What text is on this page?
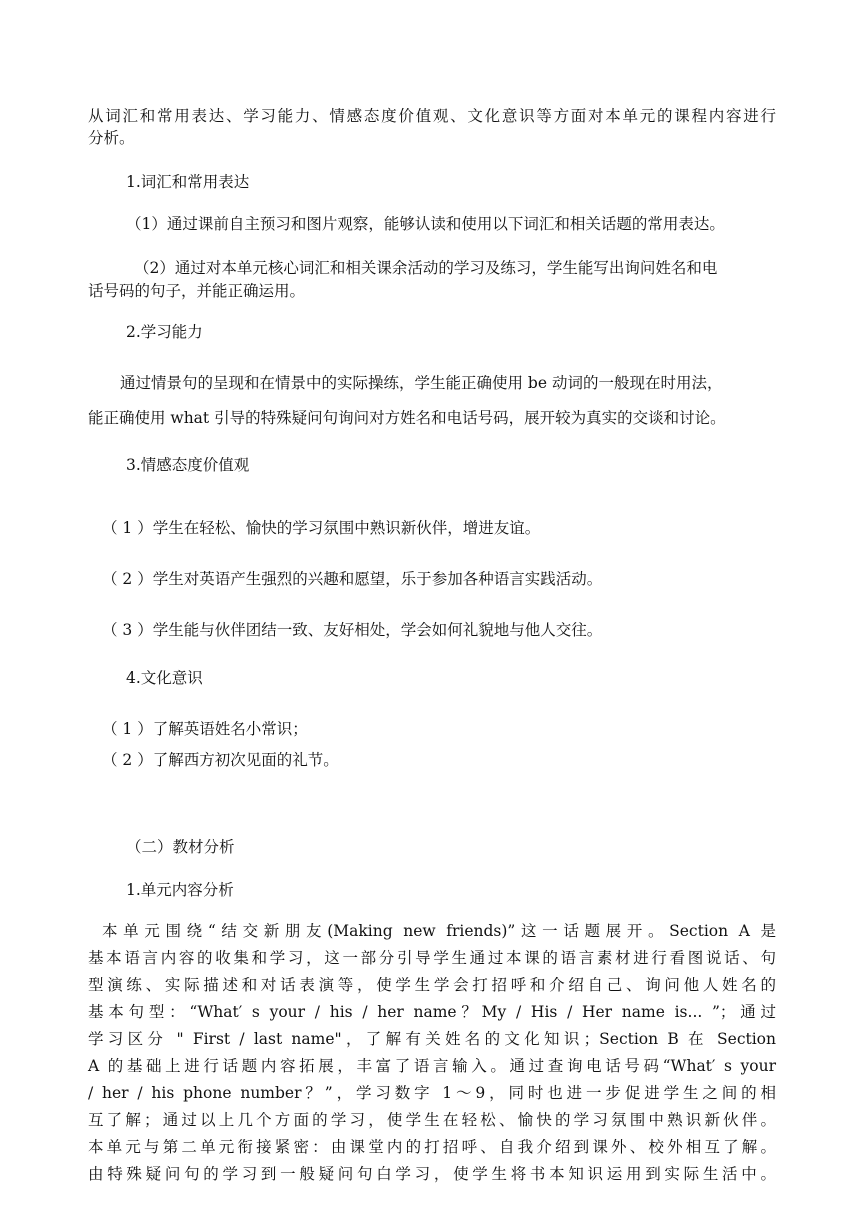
从词汇和常用表达、学习能力、情感态度价值观、文化意识等方面对本单元的课程内容进行
分析。
1.词汇和常用表达
（1）通过课前自主预习和图片观察，能够认读和使用以下词汇和相关话题的常用表达。
（2）通过对本单元核心词汇和相关课余活动的学习及练习，学生能写出询问姓名和电
话号码的句子，并能正确运用。
2.学习能力
通过情景句的呈现和在情景中的实际操练，学生能正确使用 be 动词的一般现在时用法，
能正确使用 what 引导的特殊疑问句询问对方姓名和电话号码，展开较为真实的交谈和讨论。
3.情感态度价值观
（ 1 ）学生在轻松、愉快的学习氛围中熟识新伙伴，增进友谊。
（ 2 ）学生对英语产生强烈的兴趣和愿望，乐于参加各种语言实践活动。
（ 3 ）学生能与伙伴团结一致、友好相处，学会如何礼貌地与他人交往。
4.文化意识
（ 1 ）了解英语姓名小常识；
（ 2 ）了解西方初次见面的礼节。
（二）教材分析
1.单元内容分析
本单元围绕“结交新朋友(Making new friends)”这一话题展开。Section A 是
基本语言内容的收集和学习，这一部分引导学生通过本课的语言素材进行看图说话、句
型演练、实际描述和对话表演等，使学生学会打招呼和介绍自己、询问他人姓名的
基本句型：“What′ s your / his / her name？My / His / Her name is... ”；通过
学习区分 " First / last name"，了解有关姓名的文化知识；Section B 在 Section
A 的基础上进行话题内容拓展，丰富了语言输入。通过查询电话号码“What′ s your
/ her / his phone number？”，学习数字 1～9，同时也进一步促进学生之间的相
互了解；通过以上几个方面的学习，使学生在轻松、愉快的学习氛围中熟识新伙伴。
本单元与第二单元衔接紧密：由课堂内的打招呼、自我介绍到课外、校外相互了解。
由特殊疑问句的学习到一般疑问句白学习，使学生将书本知识运用到实际生活中。
